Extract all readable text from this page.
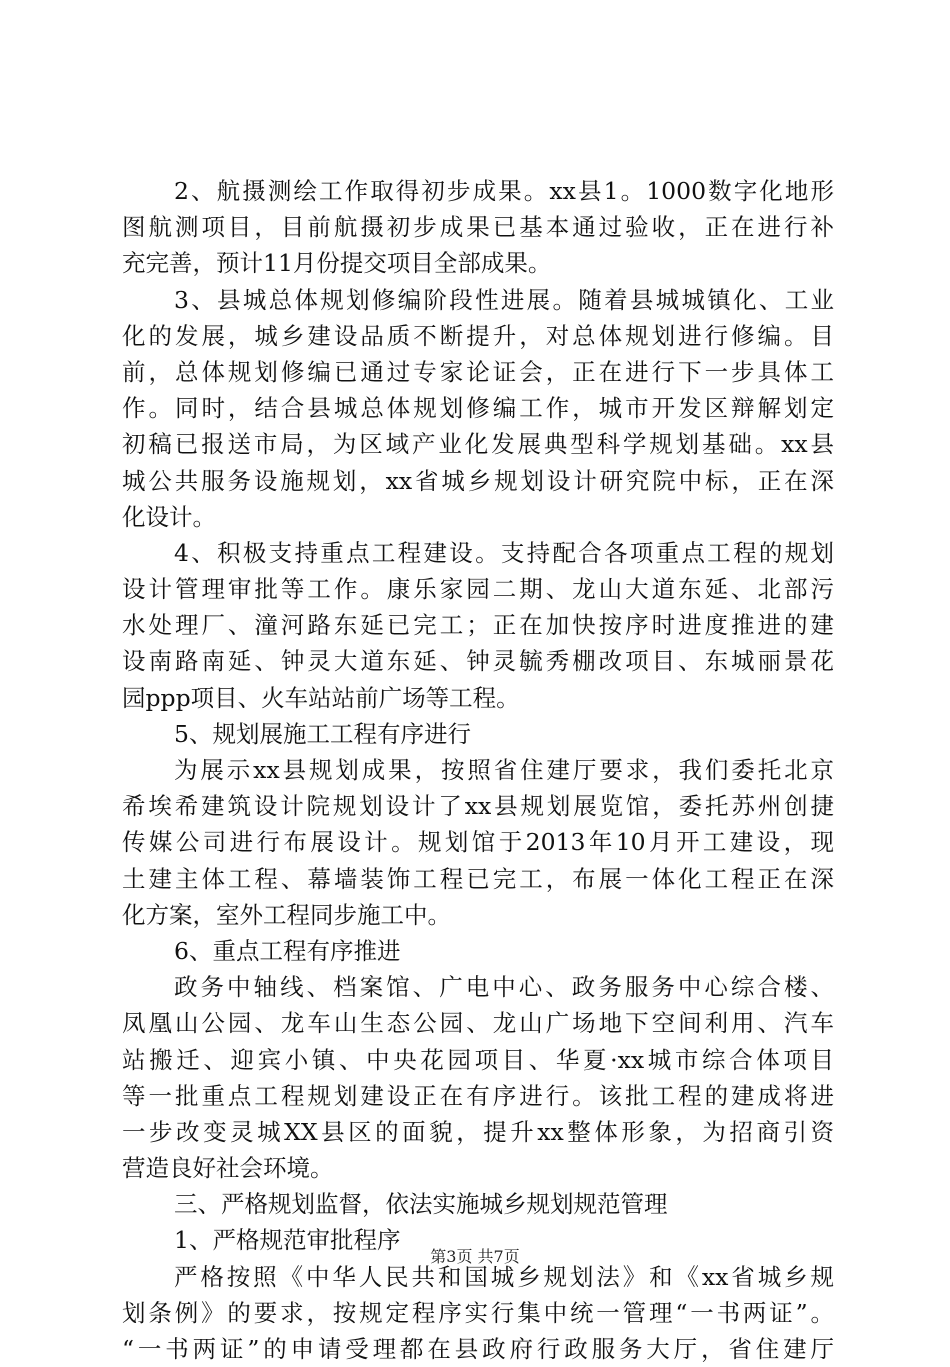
2、航摄测绘工作取得初步成果。xx县1。1000数字化地形
图航测项目，目前航摄初步成果已基本通过验收，正在进行补
充完善，预计11月份提交项目全部成果。
3、县城总体规划修编阶段性进展。随着县城城镇化、工业
化的发展，城乡建设品质不断提升，对总体规划进行修编。目
前，总体规划修编已通过专家论证会，正在进行下一步具体工
作。同时，结合县城总体规划修编工作，城市开发区辩解划定
初稿已报送市局，为区域产业化发展典型科学规划基础。xx县
城公共服务设施规划，xx省城乡规划设计研究院中标，正在深
化设计。
4、积极支持重点工程建设。支持配合各项重点工程的规划
设计管理审批等工作。康乐家园二期、龙山大道东延、北部污
水处理厂、潼河路东延已完工；正在加快按序时进度推进的建
设南路南延、钟灵大道东延、钟灵毓秀棚改项目、东城丽景花
园ppp项目、火车站站前广场等工程。
5、规划展施工工程有序进行
为展示xx县规划成果，按照省住建厅要求，我们委托北京
希埃希建筑设计院规划设计了xx县规划展览馆，委托苏州创捷
传媒公司进行布展设计。规划馆于2013年10月开工建设，现
土建主体工程、幕墙装饰工程已完工，布展一体化工程正在深
化方案，室外工程同步施工中。
6、重点工程有序推进
政务中轴线、档案馆、广电中心、政务服务中心综合楼、
凤凰山公园、龙车山生态公园、龙山广场地下空间利用、汽车
站搬迁、迎宾小镇、中央花园项目、华夏·xx城市综合体项目
等一批重点工程规划建设正在有序进行。该批工程的建成将进
一步改变灵城XX县区的面貌，提升xx整体形象，为招商引资
营造良好社会环境。
三、严格规划监督，依法实施城乡规划规范管理
1、严格规范审批程序
严格按照《中华人民共和国城乡规划法》和《xx省城乡规
划条例》的要求，按规定程序实行集中统一管理“一书两证”。
“一书两证”的申请受理都在县政府行政服务大厅，省住建厅
第3页 共7页
